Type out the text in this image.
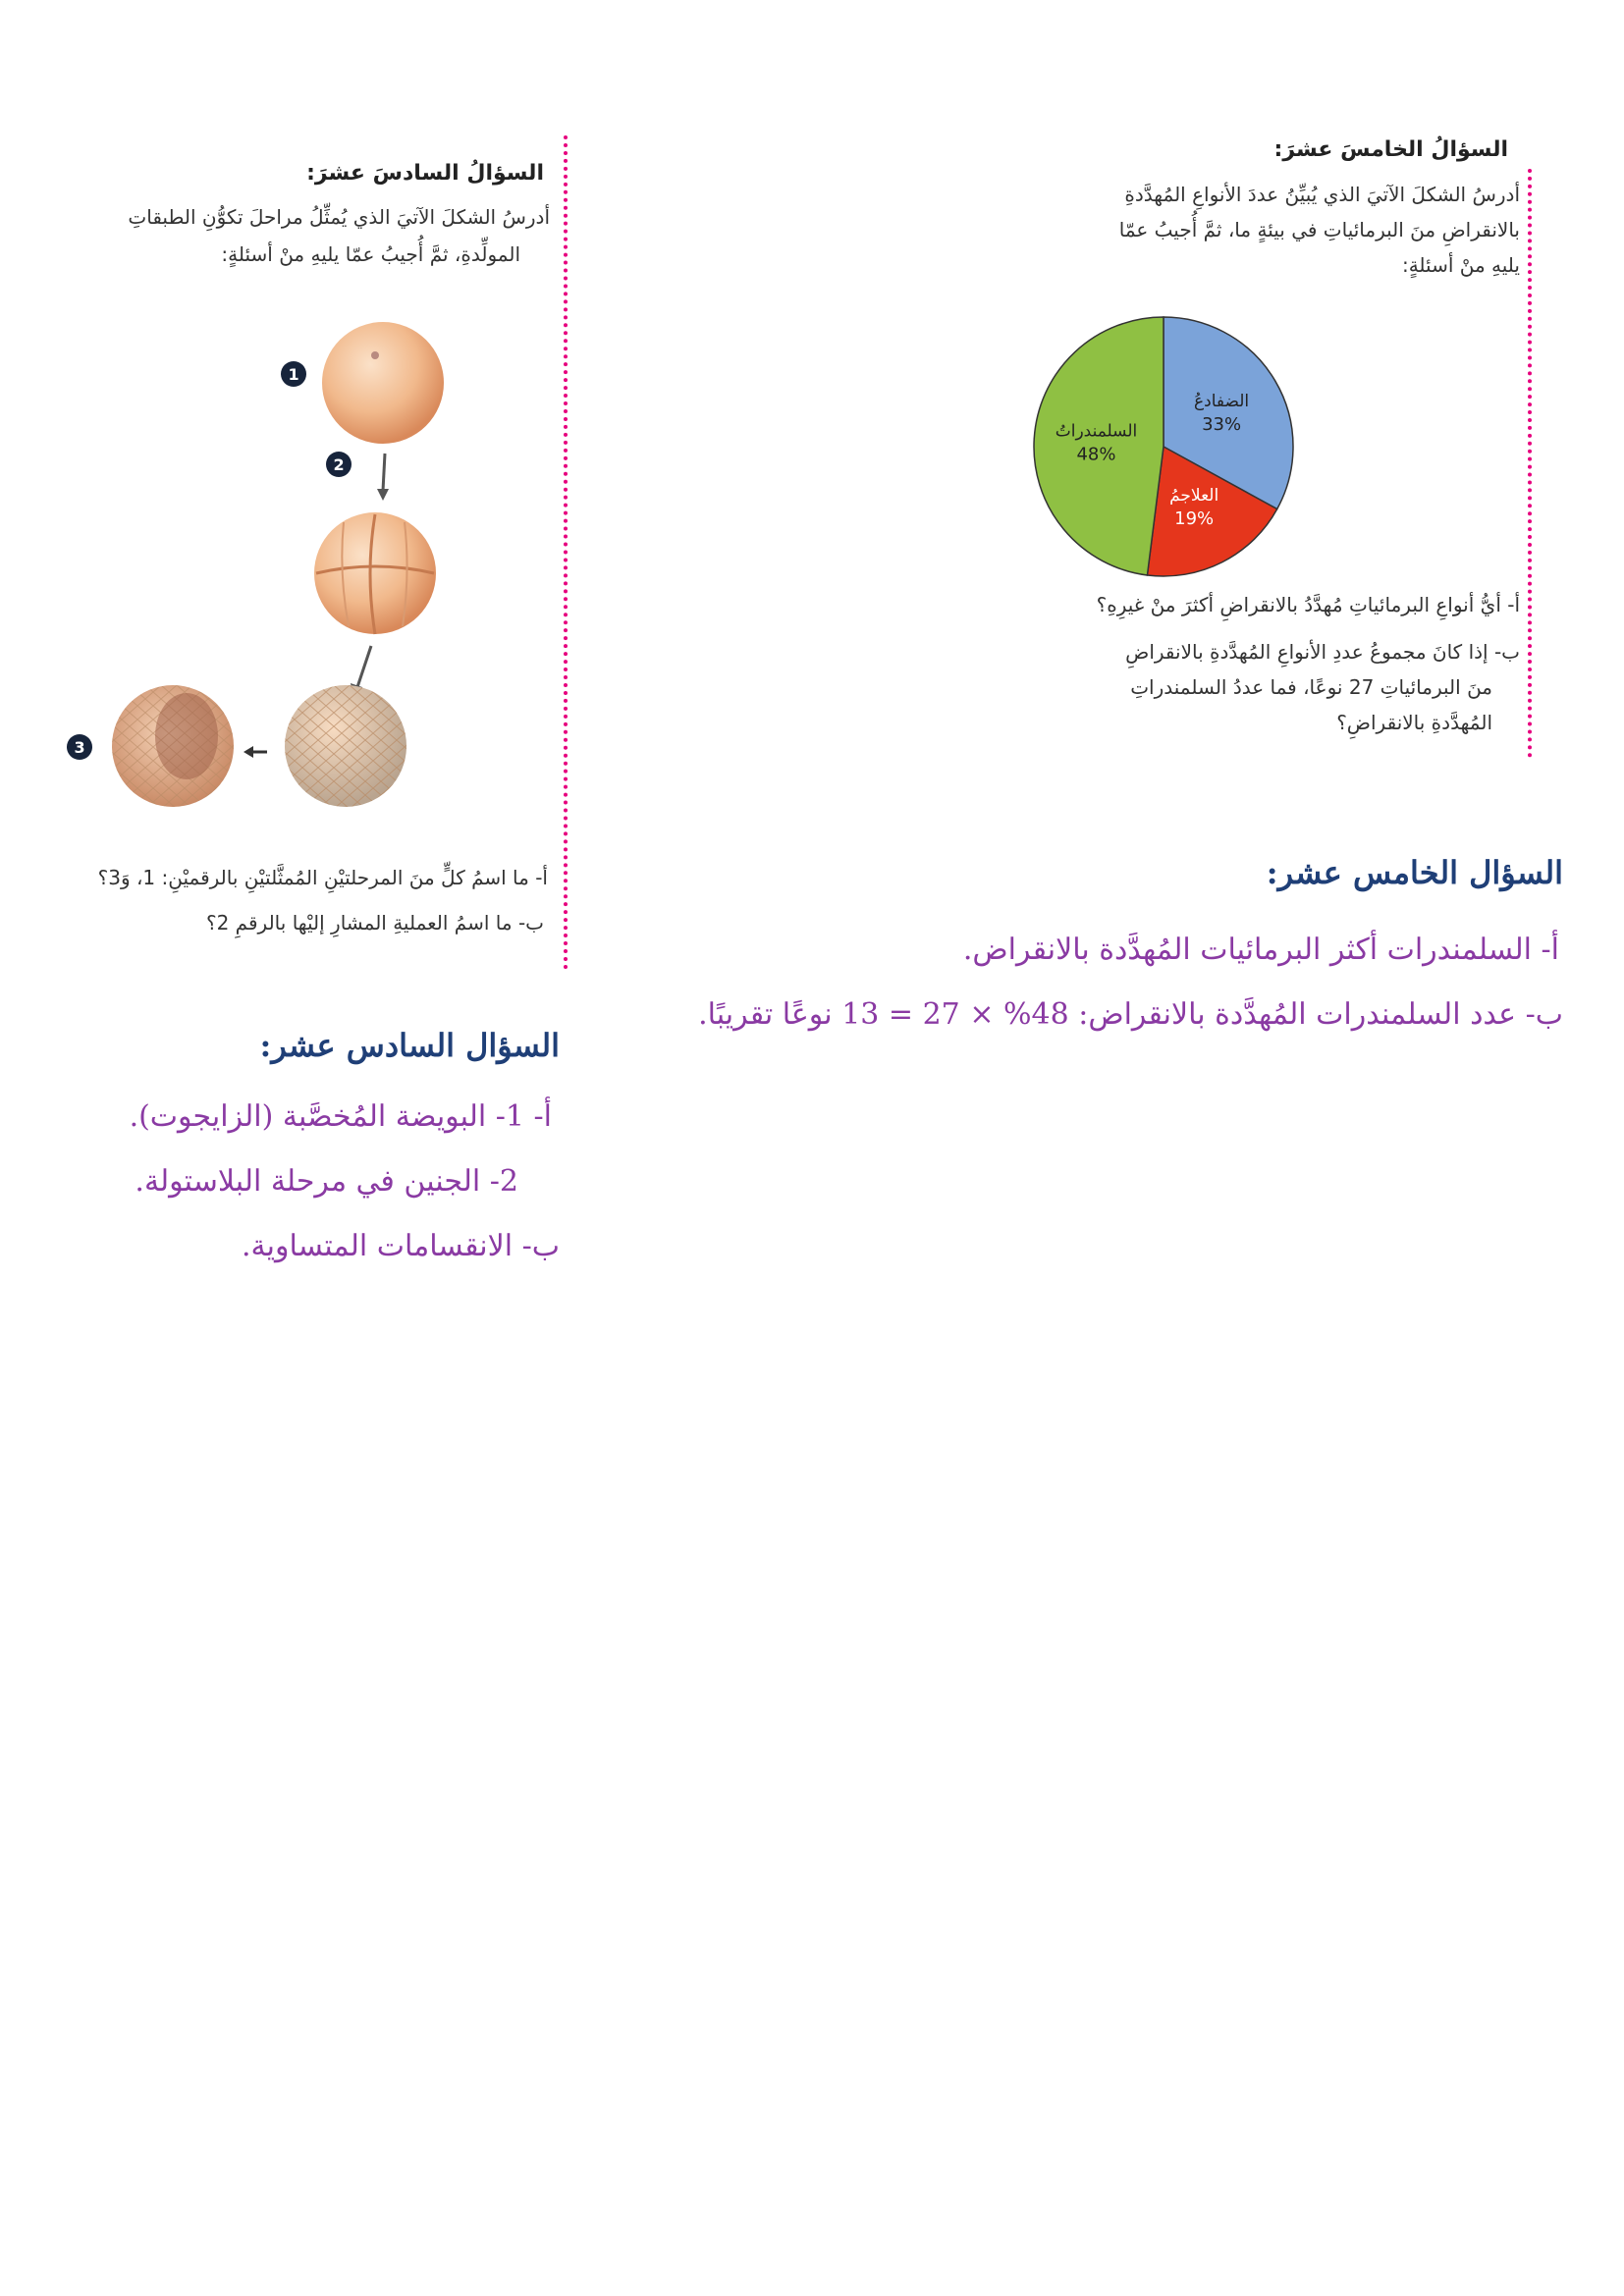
السؤالُ الخامسَ عشرَ:
أدرسُ الشكلَ الآتيَ الذي يُبيِّنُ عددَ الأنواعِ المُهدَّدةِ
بالانقراضِ منَ البرمائياتِ في بيئةٍ ما، ثمَّ أُجيبُ عمّا
يليهِ منْ أسئلةٍ:
الضفادعُ
33%
العلاجمُ
19%
السلمندراتُ
48%
أ- أيُّ أنواعِ البرمائياتِ مُهدَّدُ بالانقراضِ أكثرَ منْ غيرِهِ؟
ب- إذا كانَ مجموعُ عددِ الأنواعِ المُهدَّدةِ بالانقراضِ
منَ البرمائياتِ 27 نوعًا، فما عددُ السلمندراتِ
المُهدَّدةِ بالانقراضِ؟
السؤالُ السادسَ عشرَ:
أدرسُ الشكلَ الآتيَ الذي يُمثِّلُ مراحلَ تكوُّنِ الطبقاتِ
المولِّدةِ، ثمَّ أُجيبُ عمّا يليهِ منْ أسئلةٍ:
1
2
3
أ- ما اسمُ كلٍّ منَ المرحلتيْنِ المُمثَّلتيْنِ بالرقميْنِ: 1، وَ3؟
ب- ما اسمُ العمليةِ المشارِ إليْها بالرقمِ 2؟
السؤال الخامس عشر:
أ- السلمندرات أكثر البرمائيات المُهدَّدة بالانقراض.
ب- عدد السلمندرات المُهدَّدة بالانقراض: 48% × 27 = 13 نوعًا تقريبًا.
السؤال السادس عشر:
أ- 1- البويضة المُخصَّبة (الزايجوت).
2- الجنين في مرحلة البلاستولة.
ب- الانقسامات المتساوية.
